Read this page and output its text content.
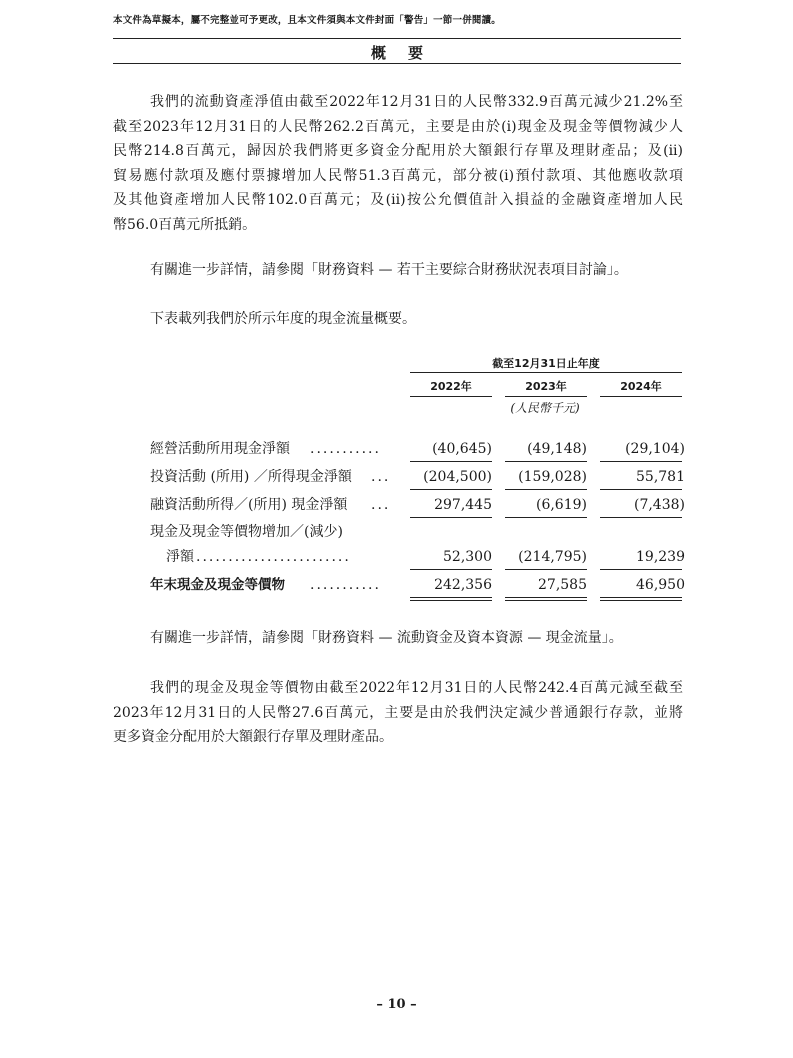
本文件為草擬本，屬不完整並可予更改，且本文件須與本文件封面「警告」一節一併閱讀。
概要
我們的流動資產淨值由截至2022年12月31日的人民幣332.9百萬元減少21.2%至
截至2023年12月31日的人民幣262.2百萬元，主要是由於(i)現金及現金等價物減少人
民幣214.8百萬元，歸因於我們將更多資金分配用於大額銀行存單及理財產品；及(ii)
貿易應付款項及應付票據增加人民幣51.3百萬元，部分被(i)預付款項、其他應收款項
及其他資產增加人民幣102.0百萬元；及(ii)按公允價值計入損益的金融資產增加人民
幣56.0百萬元所抵銷。
有關進一步詳情，請參閱「財務資料 — 若干主要綜合財務狀況表項目討論」。
下表載列我們於所示年度的現金流量概要。
截至12月31日止年度
2022年	2023年	2024年
(人民幣千元)
經營活動所用現金淨額 ...........	(40,645)	(49,148)	(29,104)
投資活動 (所用) ／所得現金淨額 ...	(204,500)	(159,028)	55,781
融資活動所得／(所用) 現金淨額 ...	297,445	(6,619)	(7,438)
現金及現金等價物增加／(減少)
淨額 ........................	52,300	(214,795)	19,239
年末現金及現金等價物 ...........	242,356	27,585	46,950
有關進一步詳情，請參閱「財務資料 — 流動資金及資本資源 — 現金流量」。
我們的現金及現金等價物由截至2022年12月31日的人民幣242.4百萬元減至截至
2023年12月31日的人民幣27.6百萬元，主要是由於我們決定減少普通銀行存款，並將
更多資金分配用於大額銀行存單及理財產品。
– 10 –
